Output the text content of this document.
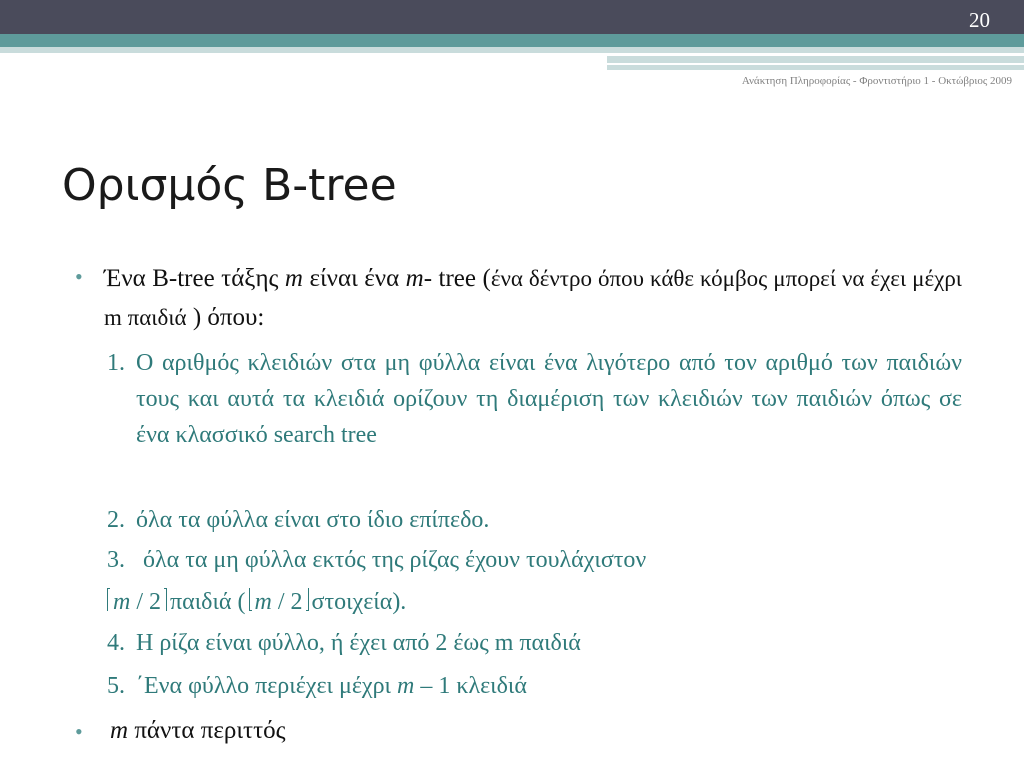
20
Ανάκτηση Πληροφορίας - Φροντιστήριο 1 - Οκτώβριος 2009
Ορισμός B-tree
• Ένα B-tree τάξης m είναι ένα m- tree (ένα δέντρο όπου κάθε κόμβος μπορεί να έχει μέχρι m παιδιά ) όπου:
1. Ο αριθμός κλειδιών στα μη φύλλα είναι ένα λιγότερο από τον αριθμό των παιδιών τους και αυτά τα κλειδιά ορίζουν τη διαμέριση των κλειδιών των παιδιών όπως σε ένα κλασσικό search tree
2. όλα τα φύλλα είναι στο ίδιο επίπεδο.
3. όλα τα μη φύλλα εκτός της ρίζας έχουν τουλάχιστον
m / 2 παιδιά ( m / 2 στοιχεία).
4. Η ρίζα είναι φύλλο, ή έχει από 2 έως m παιδιά
5. ΄Ενα φύλλο περιέχει μέχρι m – 1 κλειδιά
• m πάντα περιττός
